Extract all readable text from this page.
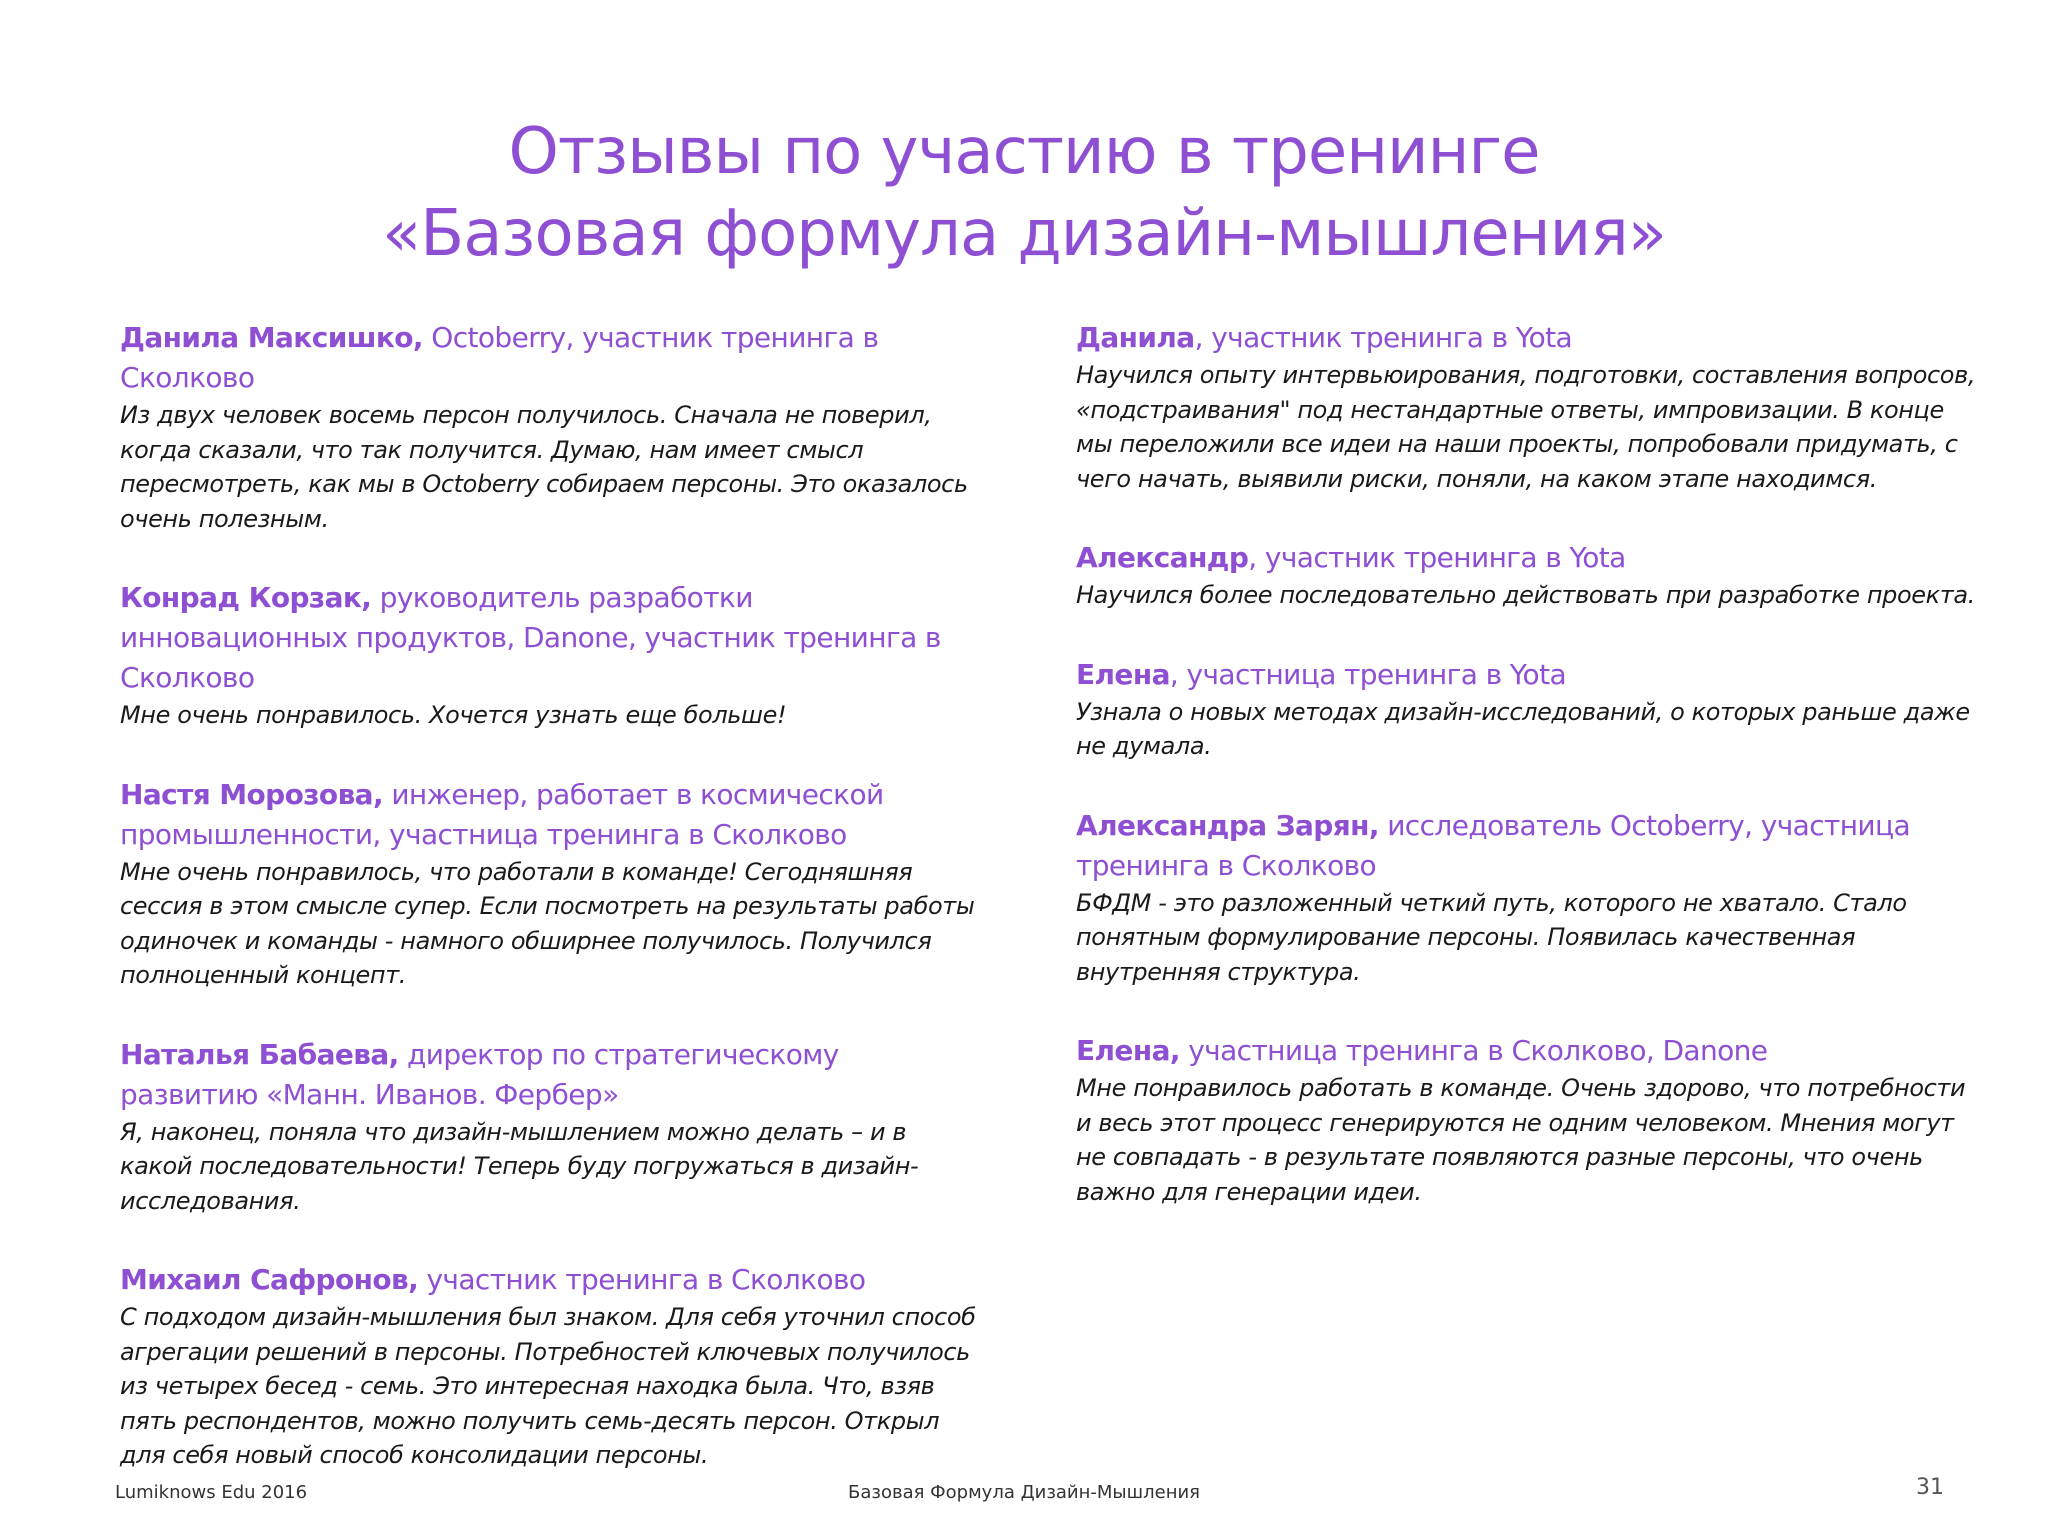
Отзывы по участию в тренинге
«Базовая формула дизайн-мышления»
Данила Максишко, Octoberry, участник тренинга в Сколково
Из двух человек восемь персон получилось. Сначала не поверил, когда сказали, что так получится. Думаю, нам имеет смысл пересмотреть, как мы в Octoberry собираем персоны. Это оказалось очень полезным.
Конрад Корзак, руководитель разработки инновационных продуктов, Danone, участник тренинга в Сколково
Мне очень понравилось. Хочется узнать еще больше!
Настя Морозова, инженер, работает в космической промышленности, участница тренинга в Сколково
Мне очень понравилось, что работали в команде! Сегодняшняя сессия в этом смысле супер. Если посмотреть на результаты работы одиночек и команды - намного обширнее получилось. Получился полноценный концепт.
Наталья Бабаева, директор по стратегическому развитию «Манн. Иванов. Фербер»
Я, наконец, поняла что дизайн-мышлением можно делать – и в какой последовательности! Теперь буду погружаться в дизайн-исследования.
Михаил Сафронов, участник тренинга в Сколково
С подходом дизайн-мышления был знаком. Для себя уточнил способ агрегации решений в персоны. Потребностей ключевых получилось из четырех бесед - семь. Это интересная находка была. Что, взяв пять респондентов, можно получить семь-десять персон. Открыл для себя новый способ консолидации персоны.
Данила, участник тренинга в Yota
Научился опыту интервьюирования, подготовки, составления вопросов, «подстраивания" под нестандартные ответы, импровизации. В конце мы переложили все идеи на наши проекты, попробовали придумать, с чего начать, выявили риски, поняли, на каком этапе находимся.
Александр, участник тренинга в Yota
Научился более последовательно действовать при разработке проекта.
Елена, участница тренинга в Yota
Узнала о новых методах дизайн-исследований, о которых раньше даже не думала.
Александра Зарян, исследователь Octoberry, участница тренинга в Сколково
БФДМ - это разложенный четкий путь, которого не хватало. Стало понятным формулирование персоны. Появилась качественная внутренняя структура.
Елена, участница тренинга в Сколково, Danone
Мне понравилось работать в команде. Очень здорово, что потребности и весь этот процесс генерируются не одним человеком. Мнения могут не совпадать - в результате появляются разные персоны, что очень важно для генерации идеи.
Lumiknows Edu 2016	Базовая Формула Дизайн-Мышления	31
